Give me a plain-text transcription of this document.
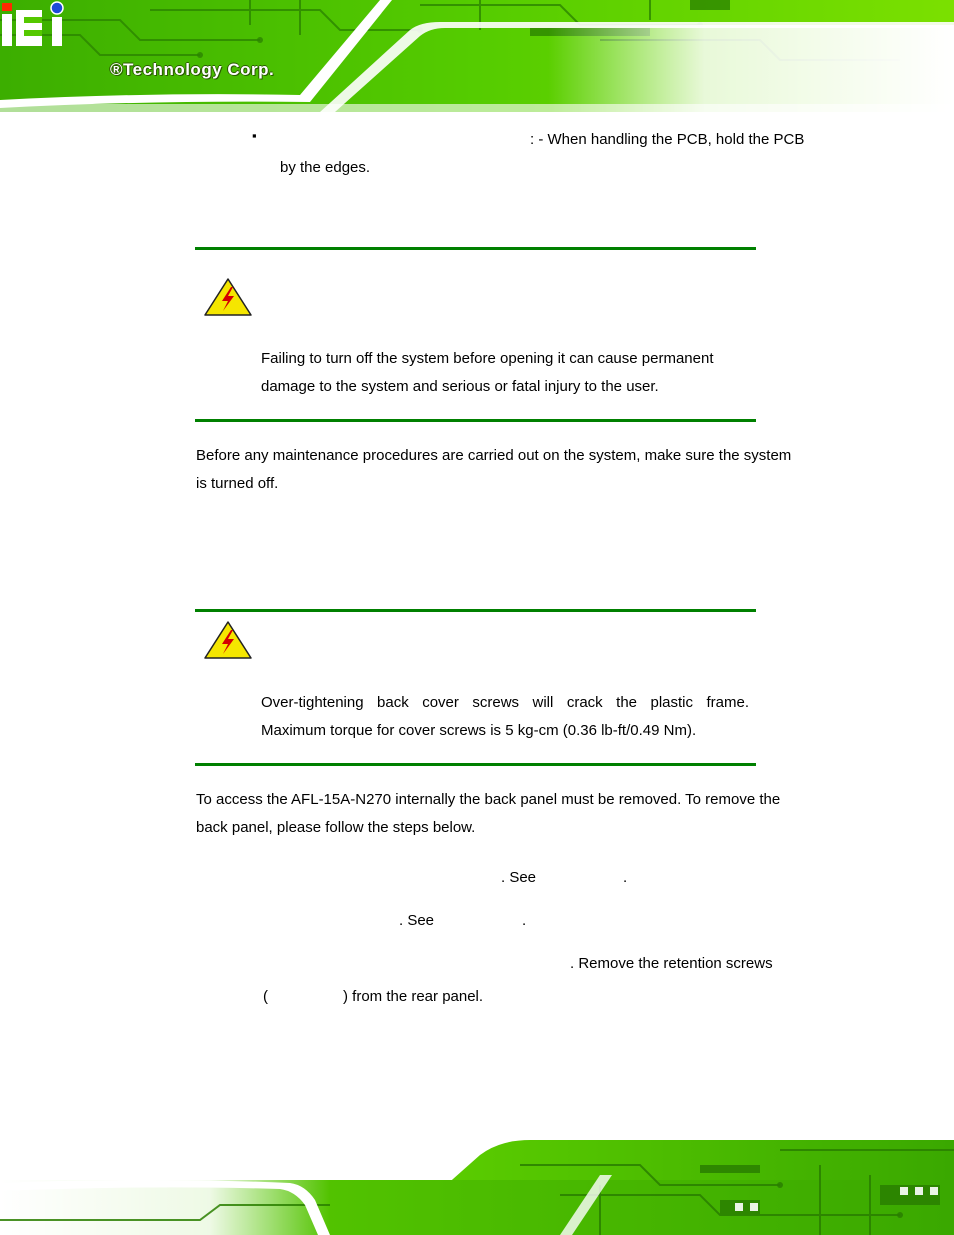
®Technology Corp.
▪	: - When handling the PCB, hold the PCB

by the edges.

Failing to turn off the system before opening it can cause permanent

damage to the system and serious or fatal injury to the user.

Before any maintenance procedures are carried out on the system, make sure the system

is turned off.

Over-tightening back cover screws will crack the plastic frame.

Maximum torque for cover screws is 5 kg-cm (0.36 lb-ft/0.49 Nm).

To access the AFL-15A-N270 internally the back panel must be removed. To remove the

back panel, please follow the steps below.

. See	.

. See	.

. Remove the retention screws

(	) from the rear panel.
